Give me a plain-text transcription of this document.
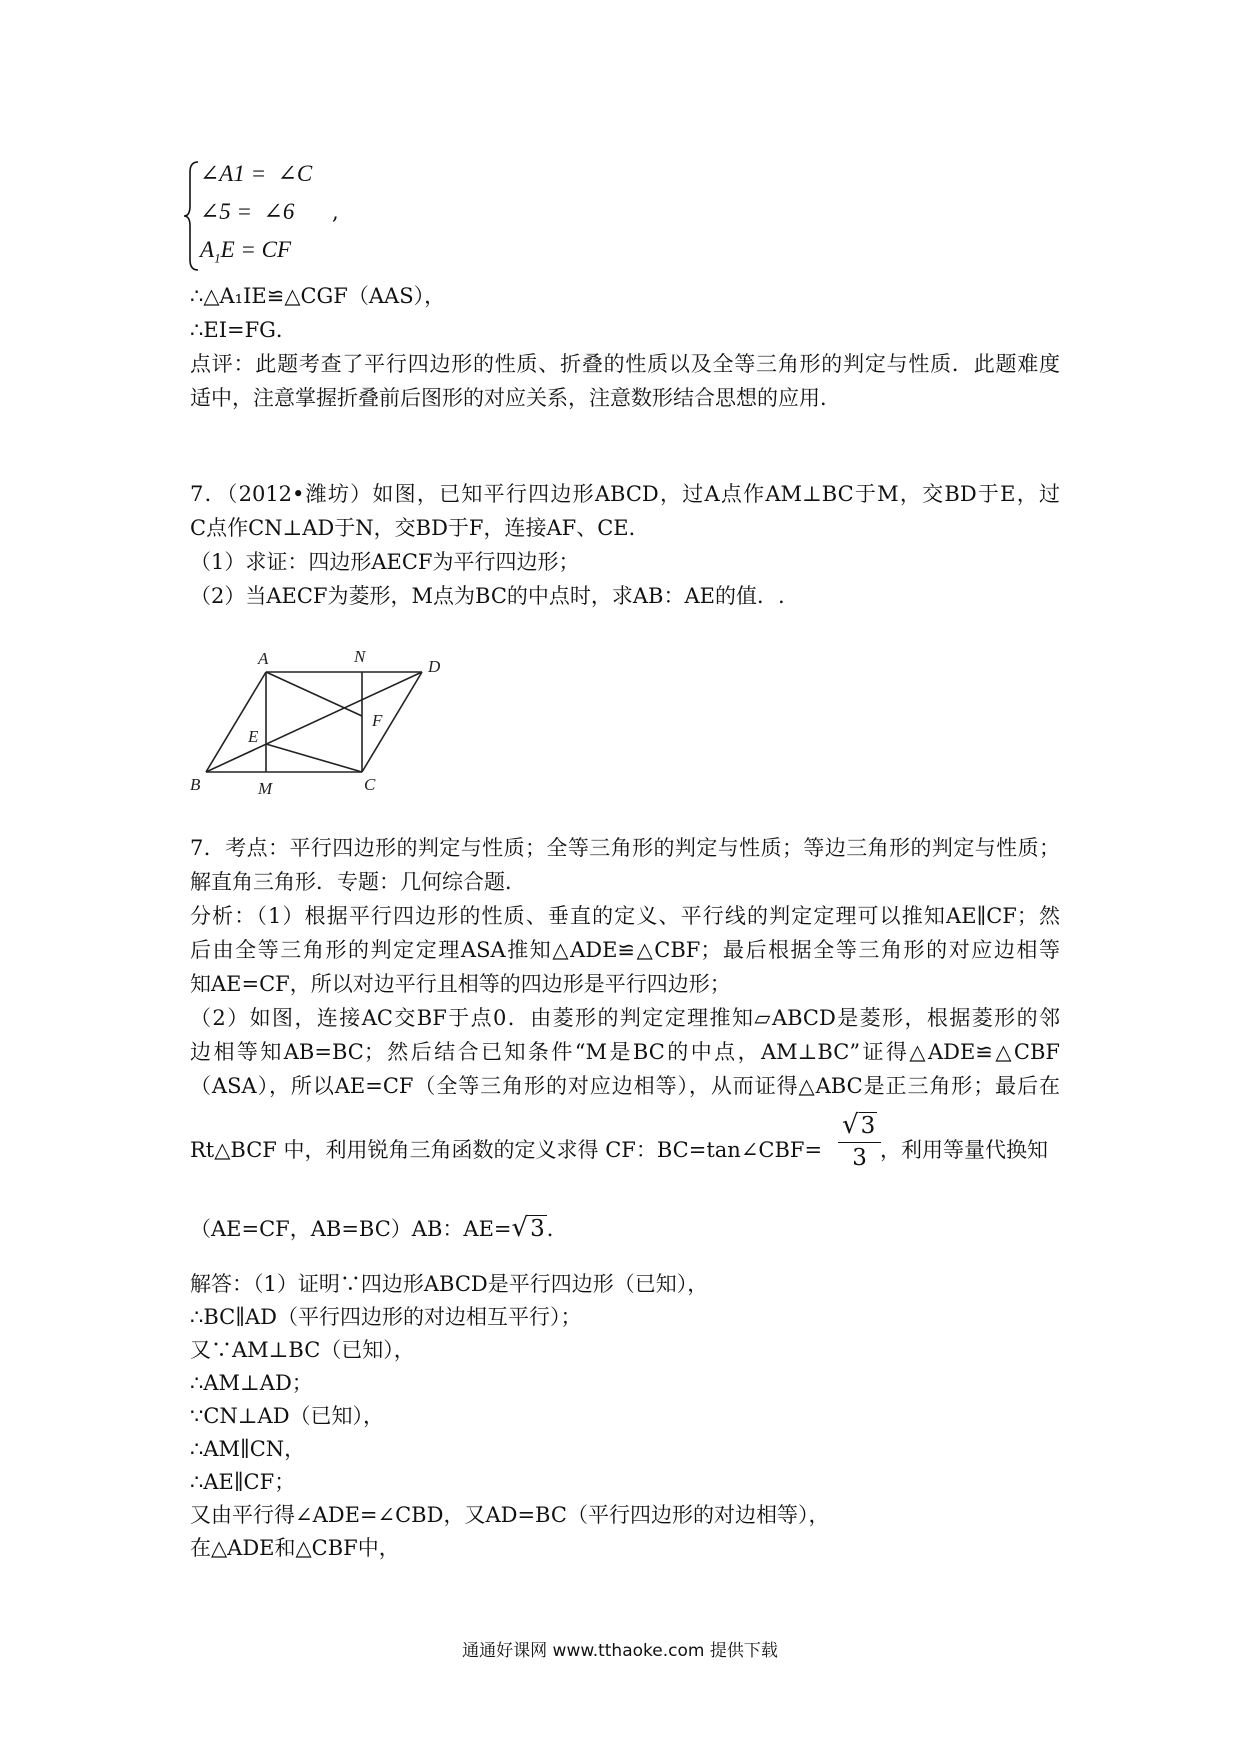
∠A1 = ∠C
∠5 = ∠6
$A_1E$ = CF
,
∴△A₁IE≌△CGF（AAS），
∴EI=FG．
点评：此题考查了平行四边形的性质、折叠的性质以及全等三角形的判定与性质．此题难度
适中，注意掌握折叠前后图形的对应关系，注意数形结合思想的应用．
7．（2012•潍坊）如图，已知平行四边形ABCD，过A点作AM⊥BC于M，交BD于E，过
C点作CN⊥AD于N，交BD于F，连接AF、CE．
（1）求证：四边形AECF为平行四边形；
（2）当AECF为菱形，M点为BC的中点时，求AB：AE的值．.
A	N
D
F
E
B	M	C
7．考点：平行四边形的判定与性质；全等三角形的判定与性质；等边三角形的判定与性质；
解直角三角形．专题：几何综合题．
分析：（1）根据平行四边形的性质、垂直的定义、平行线的判定定理可以推知AE∥CF；然
后由全等三角形的判定定理ASA推知△ADE≌△CBF；最后根据全等三角形的对应边相等
知AE=CF，所以对边平行且相等的四边形是平行四边形；
（2）如图，连接AC交BF于点0．由菱形的判定定理推知▱ABCD是菱形，根据菱形的邻
边相等知AB=BC；然后结合已知条件“M是BC的中点，AM⊥BC”证得△ADE≌△CBF
（ASA），所以AE=CF（全等三角形的对应边相等），从而证得△ABC是正三角形；最后在
Rt△BCF 中，利用锐角三角函数的定义求得 CF：BC=tan∠CBF= $\frac{√3}{3}$
，利用等量代换知
（AE=CF，AB=BC）AB：AE=√3．
解答：（1）证明∵四边形ABCD是平行四边形（已知），
∴BC∥AD（平行四边形的对边相互平行）；
又∵AM⊥BC（已知），
∴AM⊥AD；
∵CN⊥AD（已知），
∴AM∥CN，
∴AE∥CF；
又由平行得∠ADE=∠CBD，又AD=BC（平行四边形的对边相等），
在△ADE和△CBF中，
通通好课网 www.tthaoke.com 提供下载
